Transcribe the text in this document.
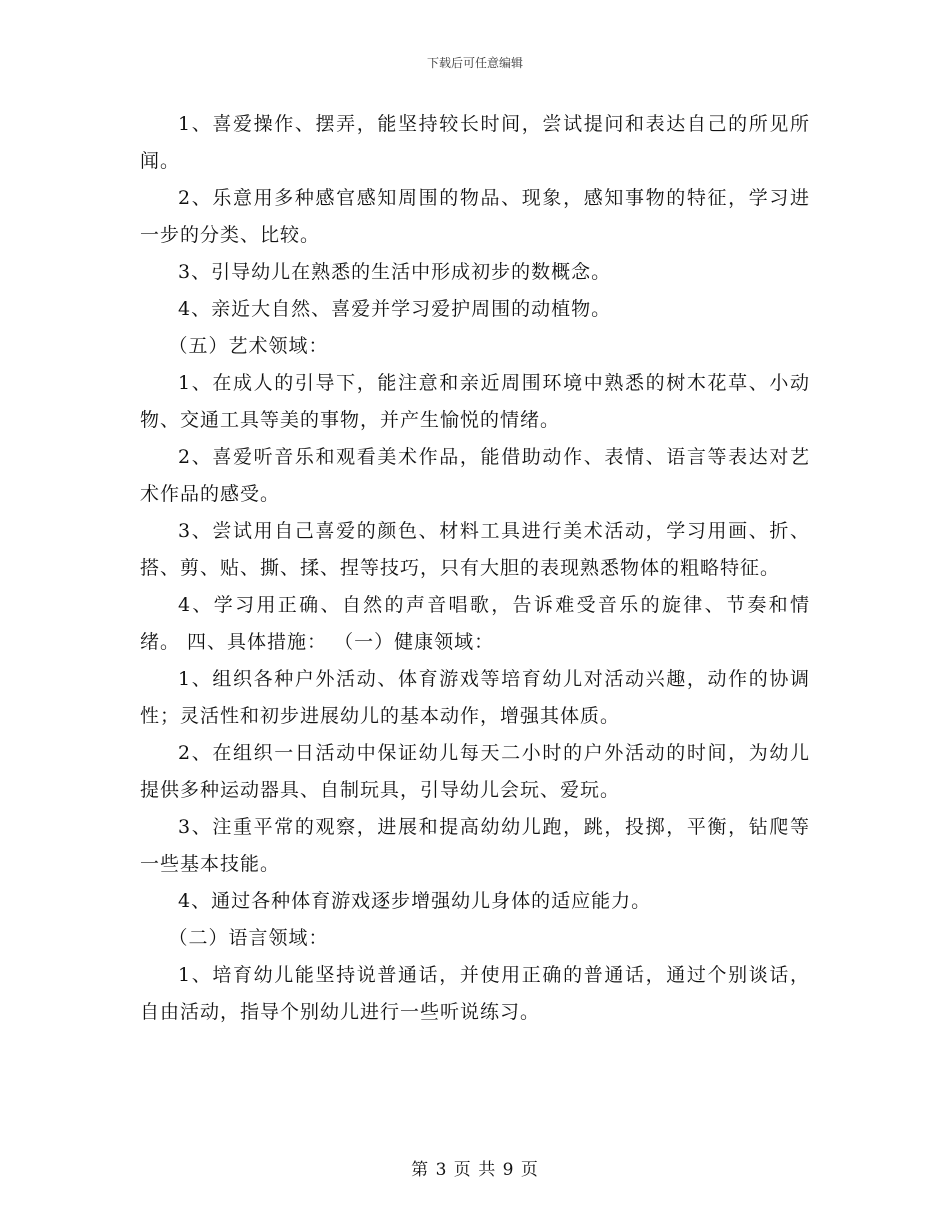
下载后可任意编辑

1、喜爱操作、摆弄，能坚持较长时间，尝试提问和表达自己的所见所闻。

2、乐意用多种感官感知周围的物品、现象，感知事物的特征，学习进一步的分类、比较。

3、引导幼儿在熟悉的生活中形成初步的数概念。

4、亲近大自然、喜爱并学习爱护周围的动植物。

（五）艺术领域：

1、在成人的引导下，能注意和亲近周围环境中熟悉的树木花草、小动物、交通工具等美的事物，并产生愉悦的情绪。

2、喜爱听音乐和观看美术作品，能借助动作、表情、语言等表达对艺术作品的感受。

3、尝试用自己喜爱的颜色、材料工具进行美术活动，学习用画、折、搭、剪、贴、撕、揉、捏等技巧，只有大胆的表现熟悉物体的粗略特征。

4、学习用正确、自然的声音唱歌，告诉难受音乐的旋律、节奏和情绪。 四、具体措施： （一）健康领域：

1、组织各种户外活动、体育游戏等培育幼儿对活动兴趣，动作的协调性；灵活性和初步进展幼儿的基本动作，增强其体质。

2、在组织一日活动中保证幼儿每天二小时的户外活动的时间，为幼儿提供多种运动器具、自制玩具，引导幼儿会玩、爱玩。

3、注重平常的观察，进展和提高幼幼儿跑，跳，投掷，平衡，钻爬等一些基本技能。

4、通过各种体育游戏逐步增强幼儿身体的适应能力。

（二）语言领域：

1、培育幼儿能坚持说普通话，并使用正确的普通话，通过个别谈话，自由活动，指导个别幼儿进行一些听说练习。

第 3 页 共 9 页
